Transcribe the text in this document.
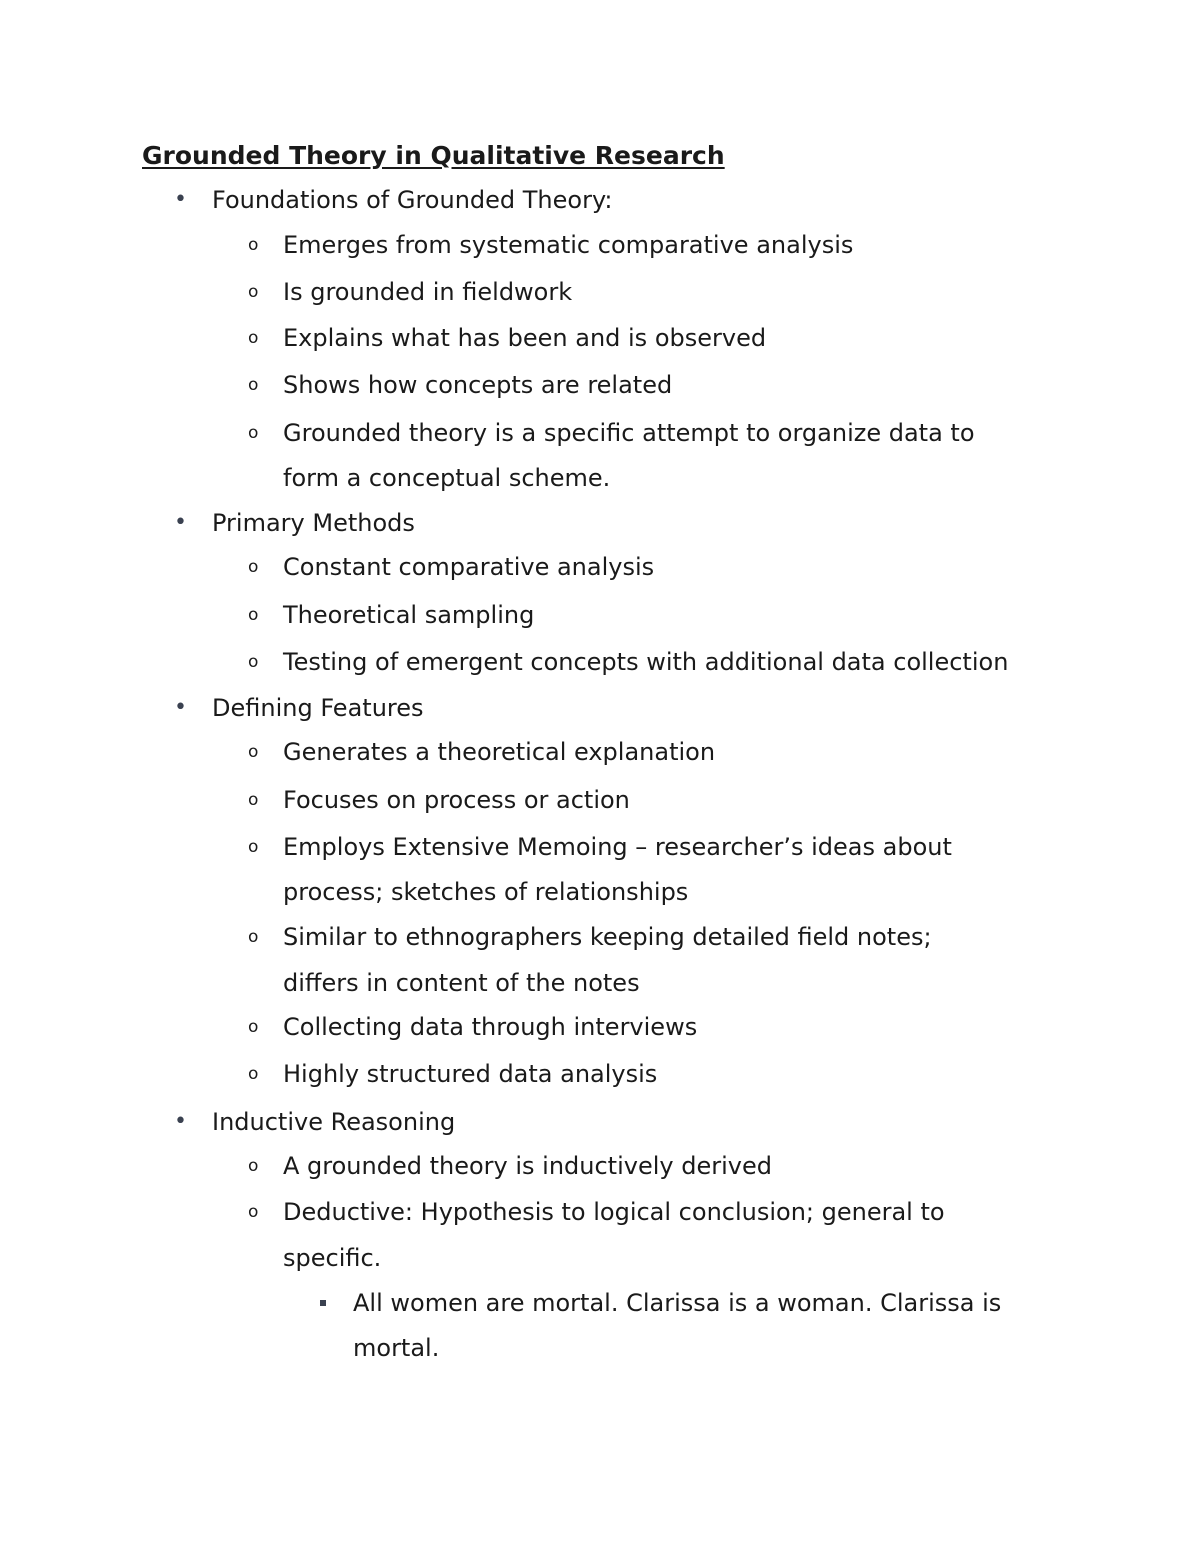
Grounded Theory in Qualitative Research
• Foundations of Grounded Theory:

o Emerges from systematic comparative analysis

o Is grounded in fieldwork

o Explains what has been and is observed

o Shows how concepts are related

o Grounded theory is a specific attempt to organize data to

form a conceptual scheme.

• Primary Methods

o Constant comparative analysis

o Theoretical sampling

o Testing of emergent concepts with additional data collection

• Defining Features

o Generates a theoretical explanation

o Focuses on process or action

o Employs Extensive Memoing – researcher’s ideas about

process; sketches of relationships

o Similar to ethnographers keeping detailed field notes;

differs in content of the notes

o Collecting data through interviews

o Highly structured data analysis

• Inductive Reasoning

o A grounded theory is inductively derived

o Deductive: Hypothesis to logical conclusion; general to

specific.

All women are mortal. Clarissa is a woman. Clarissa is

mortal.
